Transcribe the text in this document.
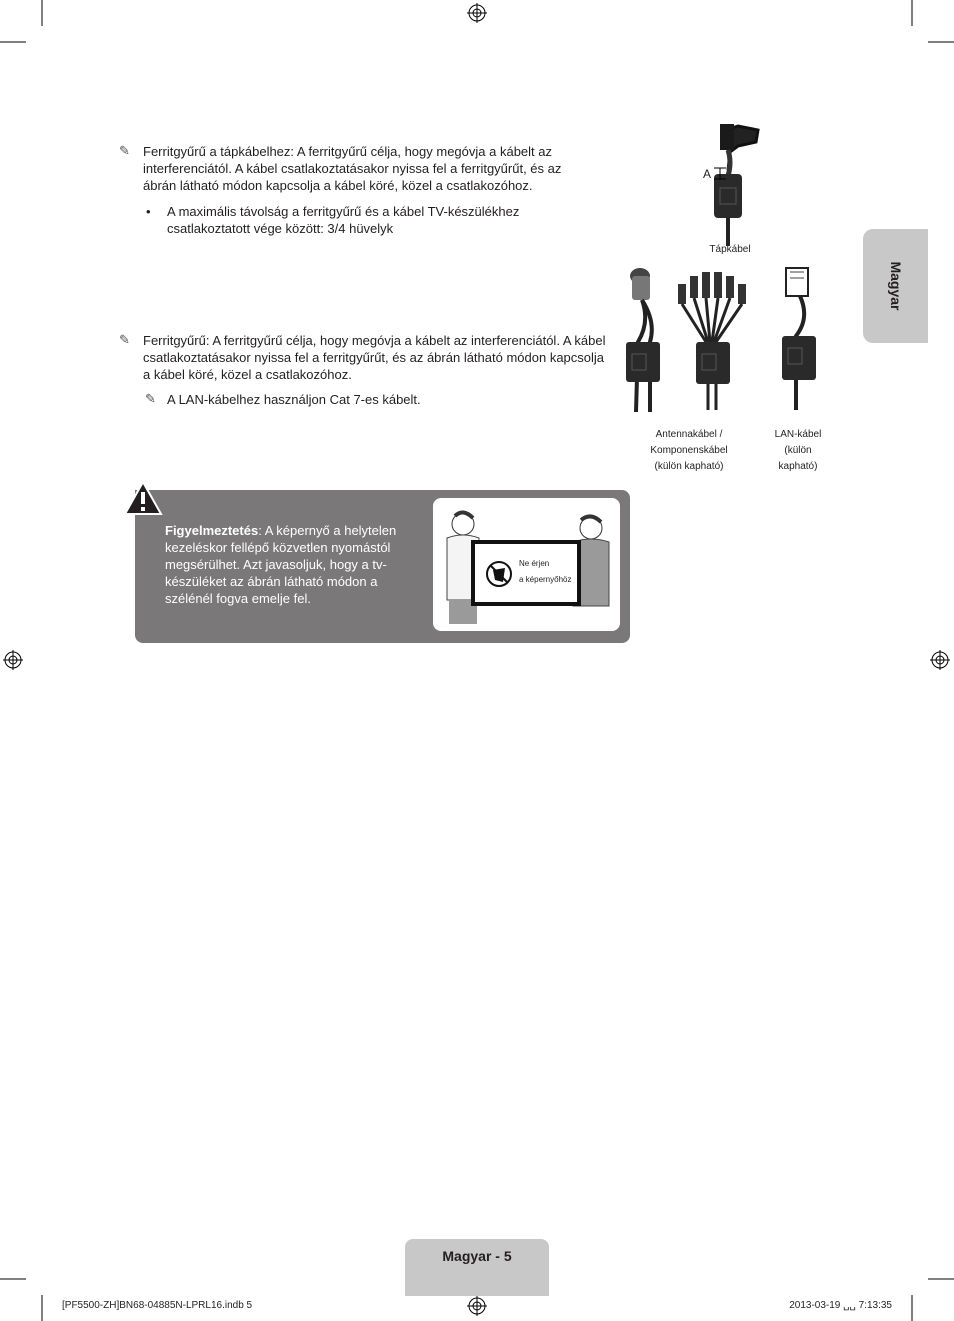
Magyar
✎ Ferritgyűrű a tápkábelhez: A ferritgyűrű célja, hogy megóvja a kábelt az interferenciától. A kábel csatlakoztatásakor nyissa fel a ferritgyűrűt, és az ábrán látható módon kapcsolja a kábel köré, közel a csatlakozóhoz.
• A maximális távolság a ferritgyűrű és a kábel TV-készülékhez csatlakoztatott vége között: 3/4 hüvelyk
A
Tápkábel
✎ Ferritgyűrű: A ferritgyűrű célja, hogy megóvja a kábelt az interferenciától. A kábel csatlakoztatásakor nyissa fel a ferritgyűrűt, és az ábrán látható módon kapcsolja a kábel köré, közel a csatlakozóhoz.
✎ A LAN-kábelhez használjon Cat 7-es kábelt.
Antennakábel /
Komponenskábel
(külön kapható)
LAN-kábel
(külön
kapható)
Figyelmeztetés: A képernyő a helytelen kezeléskor fellépő közvetlen nyomástól megsérülhet. Azt javasoljuk, hogy a tv-készüléket az ábrán látható módon a szélénél fogva emelje fel.
Ne érjen
a képernyőhöz
Magyar - 5
[PF5500-ZH]BN68-04885N-LPRL16.indb 5	2013-03-19 ␣␣ 7:13:35
